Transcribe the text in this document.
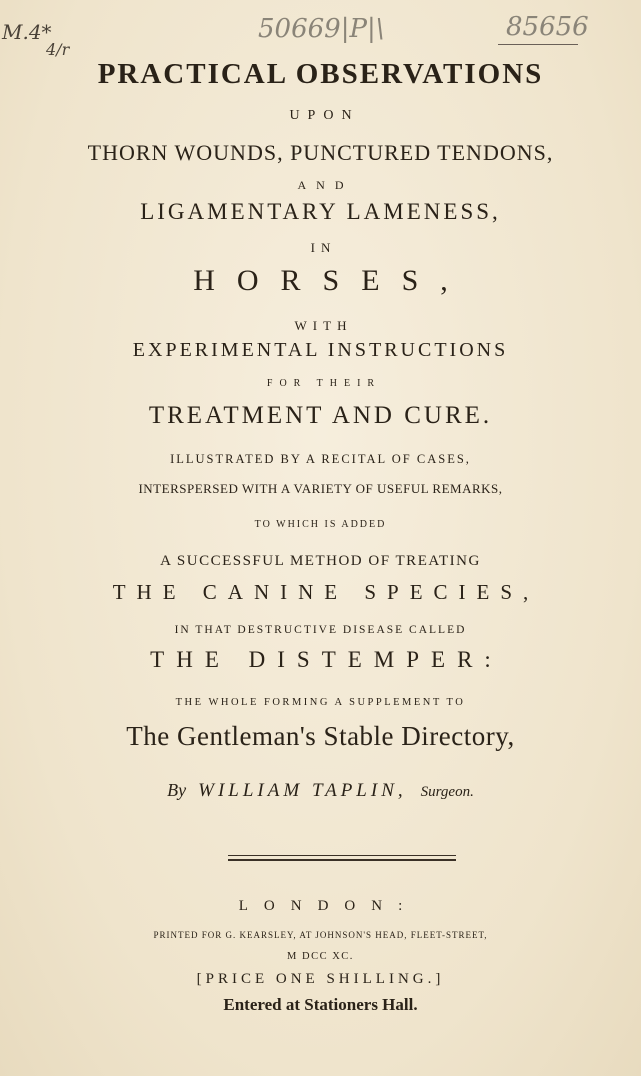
M.4*
4/r
50669|P|\	85656
PRACTICAL OBSERVATIONS
UPON
THORN WOUNDS, PUNCTURED TENDONS,
AND
LIGAMENTARY LAMENESS,
IN
HORSES,
WITH
EXPERIMENTAL INSTRUCTIONS
FOR THEIR
TREATMENT AND CURE.
ILLUSTRATED BY A RECITAL OF CASES,
INTERSPERSED WITH A VARIETY OF USEFUL REMARKS,
TO WHICH IS ADDED
A SUCCESSFUL METHOD OF TREATING
THE CANINE SPECIES,
IN THAT DESTRUCTIVE DISEASE CALLED
THE DISTEMPER:
THE WHOLE FORMING A SUPPLEMENT TO
The Gentleman's Stable Directory,
By WILLIAM TAPLIN, Surgeon.
LONDON:
PRINTED FOR G. KEARSLEY, AT JOHNSON'S HEAD, FLEET-STREET,
M DCC XC.
[PRICE ONE SHILLING.]
Entered at Stationers Hall.
